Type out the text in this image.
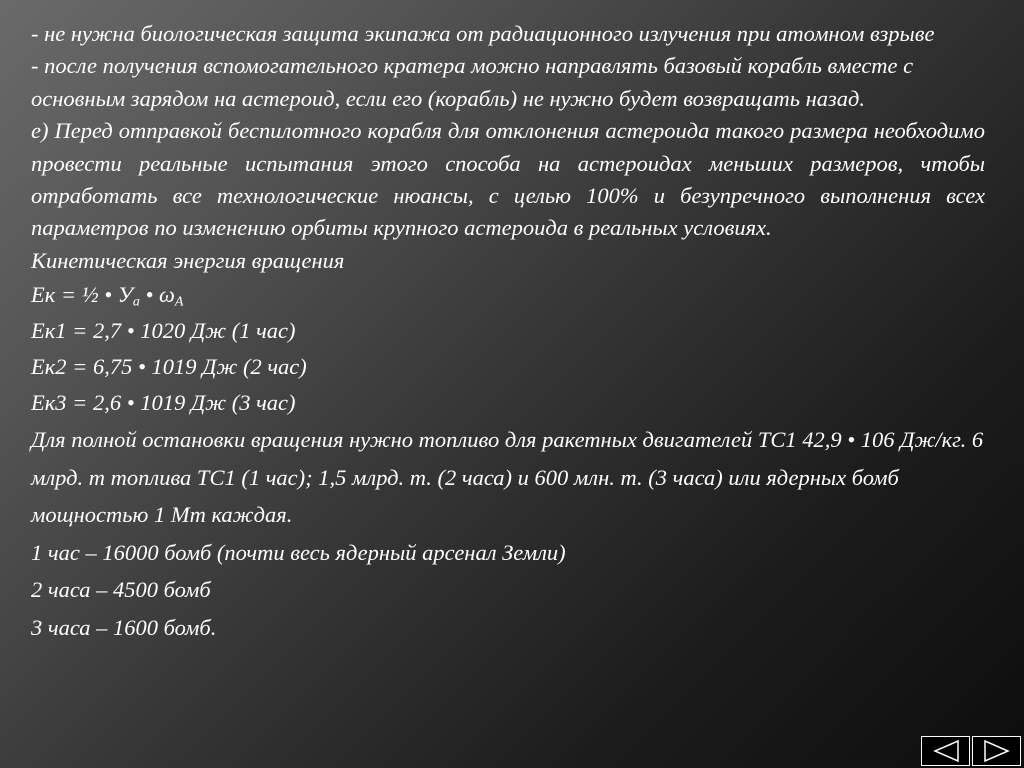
- не нужна биологическая защита экипажа от радиационного излучения при атомном взрыве

- после получения вспомогательного кратера можно направлять базовый корабль вместе с основным зарядом на астероид, если его (корабль) не нужно будет возвращать назад.

е) Перед отправкой беспилотного корабля для отклонения астероида такого размера необходимо провести реальные испытания этого способа на астероидах меньших размеров, чтобы отработать все технологические нюансы, с целью 100% и безупречного выполнения всех параметров по изменению орбиты крупного астероида в реальных условиях.

Кинетическая энергия вращения

Ек = ½ • $У_а$ • $\omega_А$

Ек1 = 2,7 • 1020 Дж (1 час)

Ек2 = 6,75 • 1019 Дж (2 час)

Ек3 = 2,6 • 1019 Дж (3 час)

Для полной остановки вращения нужно топливо для ракетных двигателей ТС1 42,9 • 106 Дж/кг. 6 млрд. т топлива ТС1 (1 час); 1,5 млрд. т. (2 часа) и 600 млн. т. (3 часа) или ядерных бомб мощностью 1 Мт каждая.

1 час – 16000 бомб (почти весь ядерный арсенал Земли)

2 часа – 4500 бомб

3 часа – 1600 бомб.
